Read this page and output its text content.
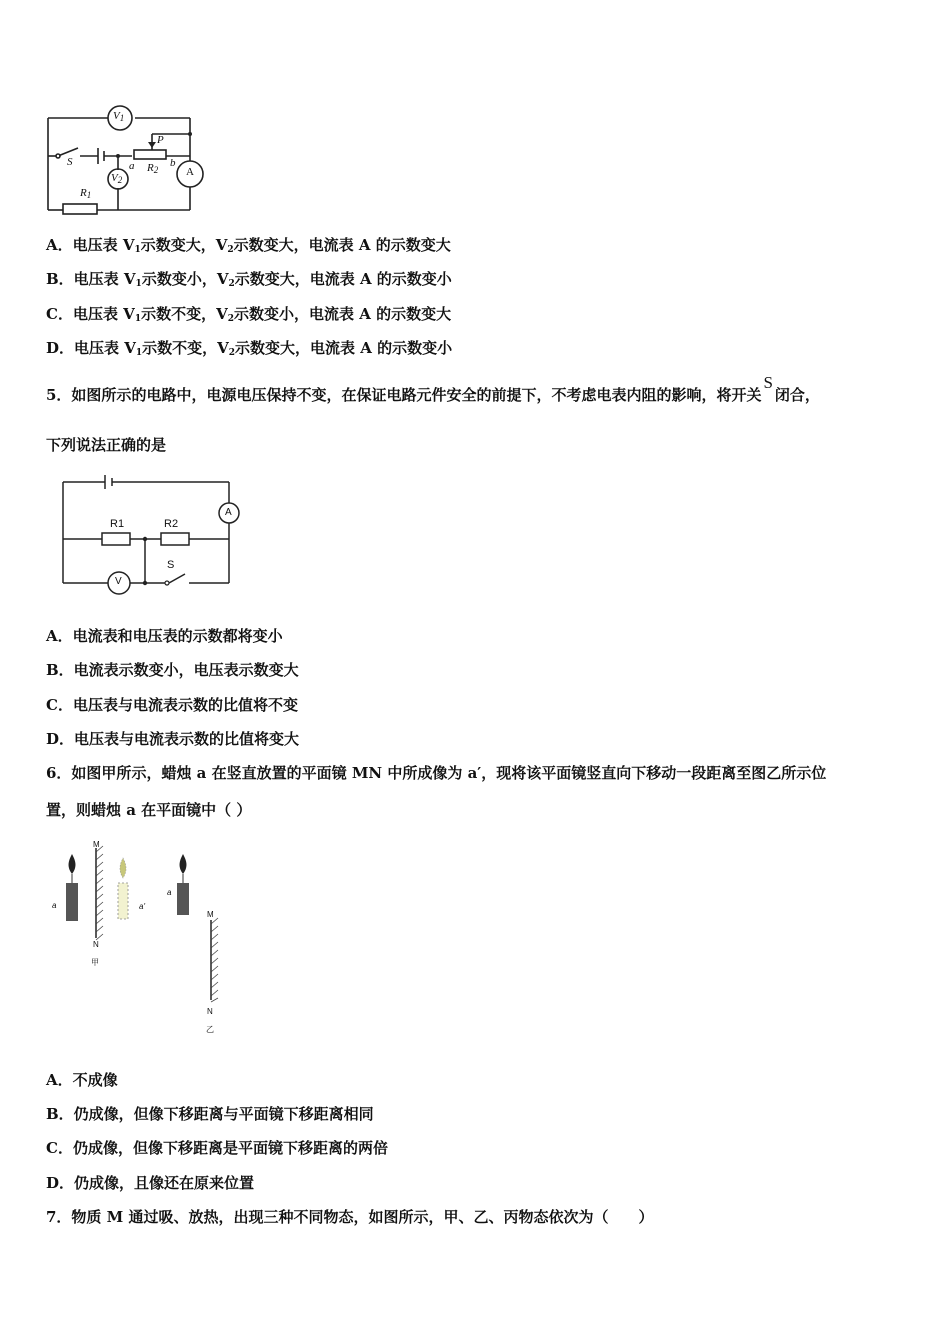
$V_1$
$V_2$
A
P
S	a	b
$R_2$
$R_1$
A．电压表 $V_1$示数变大，$V_2$示数变大，电流表 A 的示数变大
B．电压表 $V_1$示数变小，$V_2$示数变大，电流表 A 的示数变小
C．电压表 $V_1$示数不变，$V_2$示数变小，电流表 A 的示数变大
D．电压表 $V_1$示数不变，$V_2$示数变大，电流表 A 的示数变小
5．如图所示的电路中，电源电压保持不变，在保证电路元件安全的前提下，不考虑电表内阻的影响，将开关S闭合，
下列说法正确的是
R1	R2
A
V
S
A．电流表和电压表的示数都将变小
B．电流表示数变小，电压表示数变大
C．电压表与电流表示数的比值将不变
D．电压表与电流表示数的比值将变大
6．如图甲所示，蜡烛 a 在竖直放置的平面镜 MN 中所成像为 a′，现将该平面镜竖直向下移动一段距离至图乙所示位
置，则蜡烛 a 在平面镜中（ ）
a	a'
M
N
甲
a
M
N
乙
A．不成像
B．仍成像，但像下移距离与平面镜下移距离相同
C．仍成像，但像下移距离是平面镜下移距离的两倍
D．仍成像，且像还在原来位置
7．物质 M 通过吸、放热，出现三种不同物态，如图所示，甲、乙、丙物态依次为（　　）
